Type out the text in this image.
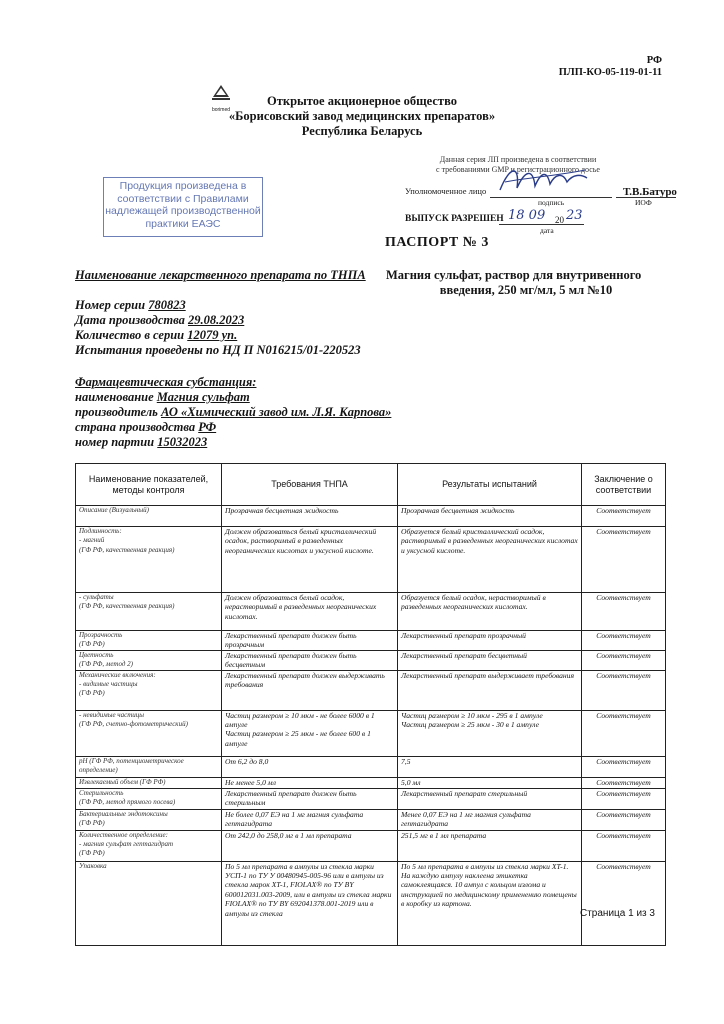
РФ
ПЛП-КО-05-119-01-11
borimed
Открытое акционерное общество
«Борисовский завод медицинских препаратов»
Республика Беларусь
Данная серия ЛП произведена в соответствии
с требованиями GMP и регистрационного досье
Уполномоченное лицо
подпись
Т.В.Батуро
ИОФ
ВЫПУСК РАЗРЕШЕН 18 09 20 23
дата
Продукция произведена в
соответствии с Правилами
надлежащей производственной
практики ЕАЭС
ПАСПОРТ № 3
Наименование лекарственного препарата по ТНПА Магния сульфат, раствор для внутривенного
введения, 250 мг/мл, 5 мл №10
Номер серии 780823
Дата производства 29.08.2023
Количество в серии 12079 уп.
Испытания проведены по НД П N016215/01-220523
Фармацевтическая субстанция:
наименование Магния сульфат
производитель АО «Химический завод им. Л.Я. Карпова»
страна производства РФ
номер партии 15032023
Наименование показателей, методы контроля	Требования ТНПА	Результаты испытаний	Заключение о соответствии
Описание (Визуальный)	Прозрачная бесцветная жидкость	Прозрачная бесцветная жидкость	Соответствует
Подлинность:
- магний
(ГФ РФ, качественная реакция)	Должен образоваться белый кристаллический осадок, растворимый в разведенных неорганических кислотах и уксусной кислоте.	Образуется белый кристаллический осадок, растворимый в разведенных неорганических кислотах и уксусной кислоте.	Соответствует
- сульфаты
(ГФ РФ, качественная реакция)	Должен образоваться белый осадок, нерастворимый в разведенных неорганических кислотах.	Образуется белый осадок, нерастворимый в разведенных неорганических кислотах.	Соответствует
Прозрачность
(ГФ РФ)	Лекарственный препарат должен быть прозрачным	Лекарственный препарат прозрачный	Соответствует
Цветность
(ГФ РФ, метод 2)	Лекарственный препарат должен быть бесцветным	Лекарственный препарат бесцветный	Соответствует
Механические включения:
- видимые частицы
(ГФ РФ)	Лекарственный препарат должен выдерживать требования	Лекарственный препарат выдерживает требования	Соответствует
- невидимые частицы
(ГФ РФ, счетно-фотометрический)	Частиц размером ≥ 10 мкм - не более 6000 в 1 ампуле
Частиц размером ≥ 25 мкм - не более 600 в 1 ампуле	Частиц размером ≥ 10 мкм - 295 в 1 ампуле
Частиц размером ≥ 25 мкм - 30 в 1 ампуле	Соответствует
pH (ГФ РФ, потенциометрическое определение)	От 6,2 до 8,0	7,5	Соответствует
Извлекаемый объем (ГФ РФ)	Не менее 5,0 мл	5,0 мл	Соответствует
Стерильность
(ГФ РФ, метод прямого посева)	Лекарственный препарат должен быть стерильным	Лекарственный препарат стерильный	Соответствует
Бактериальные эндотоксины
(ГФ РФ)	Не более 0,07 ЕЭ на 1 мг магния сульфата гептагидрата	Менее 0,07 ЕЭ на 1 мг магния сульфата гептагидрата	Соответствует
Количественное определение:
- магния сульфат гептагидрат
(ГФ РФ)	От 242,0 до 258,0 мг в 1 мл препарата	251,5 мг в 1 мл препарата	Соответствует
Упаковка	По 5 мл препарата в ампулы из стекла марки УСП-1 по ТУ У 00480945-005-96 или в ампулы из стекла марок XT-1, FIOLAX® по ТУ BY 600012031.003-2009, или в ампулы из стекла марки FIOLAX® по ТУ BY 692041378.001-2019 или в ампулы из стекла	По 5 мл препарата в ампулы из стекла марки XT-1.
На каждую ампулу наклеена этикетка самоклеящаяся. 10 ампул с кольцом излома и инструкцией по медицинскому применению помещены в коробку из картона.	Соответствует
Страница 1 из 3
